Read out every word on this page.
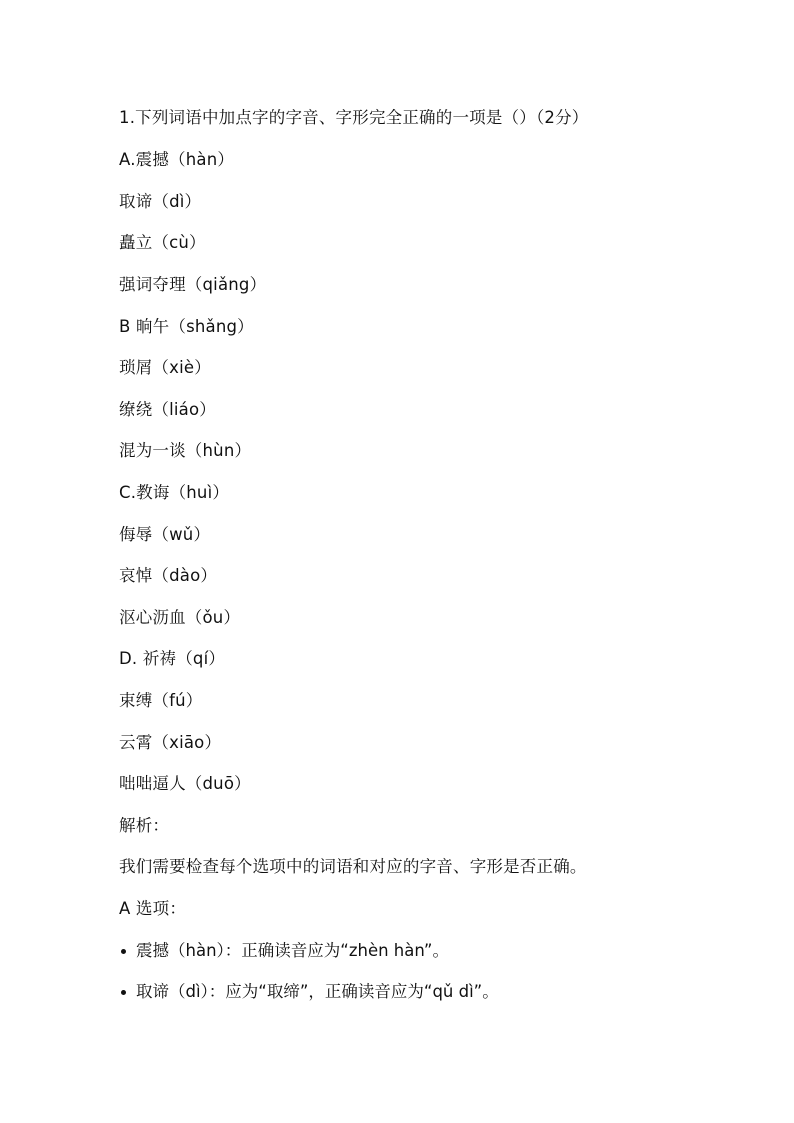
1.下列词语中加点字的字音、字形完全正确的一项是（）（2分）
A.震撼（hàn）
取谛（dì）
矗立（cù）
强词夺理（qiǎng）
B 晌午（shǎng）
琐屑（xiè）
缭绕（liáo）
混为一谈（hùn）
C.教诲（huì）
侮辱（wǔ）
哀悼（dào）
沤心沥血（ǒu）
D. 祈祷（qí）
束缚（fú）
云霄（xiāo）
咄咄逼人（duō）
解析：
我们需要检查每个选项中的词语和对应的字音、字形是否正确。
A 选项：
震撼（hàn）：正确读音应为“zhèn hàn”。
取谛（dì）：应为“取缔”，正确读音应为“qǔ dì”。
